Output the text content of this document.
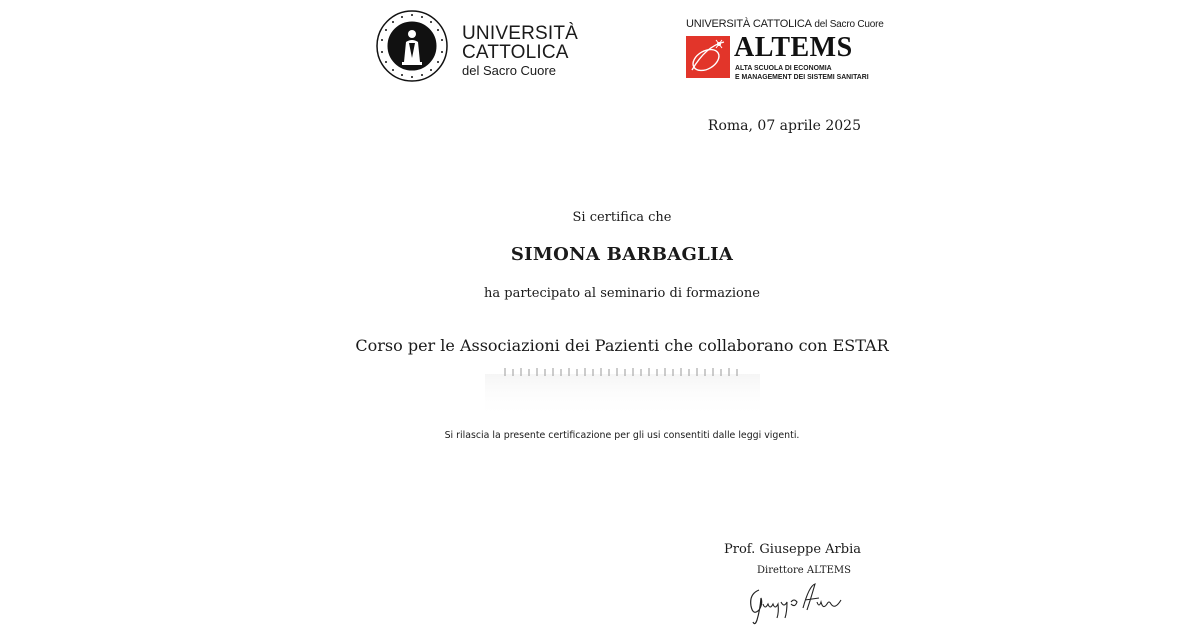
UNIVERSITÀ
CATTOLICA
del Sacro Cuore
UNIVERSITÀ CATTOLICA del Sacro Cuore
ALTEMS
ALTA SCUOLA DI ECONOMIA
E MANAGEMENT DEI SISTEMI SANITARI
Roma, 07 aprile 2025
Si certifica che
SIMONA BARBAGLIA
ha partecipato al seminario di formazione
Corso per le Associazioni dei Pazienti che collaborano con ESTAR
Si rilascia la presente certificazione per gli usi consentiti dalle leggi vigenti.
Prof. Giuseppe Arbia
Direttore ALTEMS
